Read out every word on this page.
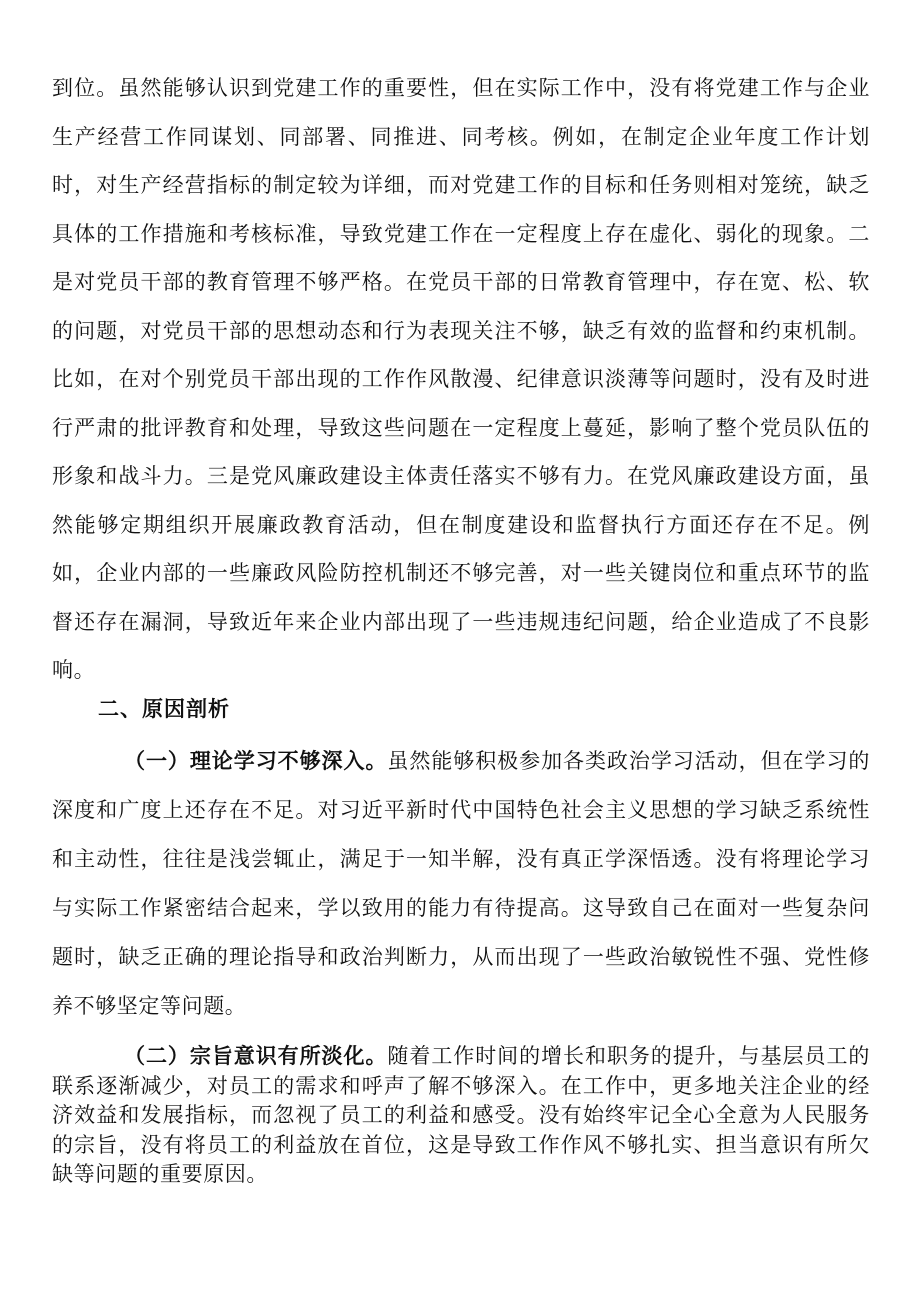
到位。虽然能够认识到党建工作的重要性，但在实际工作中，没有将党建工作与企业生产经营工作同谋划、同部署、同推进、同考核。例如，在制定企业年度工作计划时，对生产经营指标的制定较为详细，而对党建工作的目标和任务则相对笼统，缺乏具体的工作措施和考核标准，导致党建工作在一定程度上存在虚化、弱化的现象。二是对党员干部的教育管理不够严格。在党员干部的日常教育管理中，存在宽、松、软的问题，对党员干部的思想动态和行为表现关注不够，缺乏有效的监督和约束机制。比如，在对个别党员干部出现的工作作风散漫、纪律意识淡薄等问题时，没有及时进行严肃的批评教育和处理，导致这些问题在一定程度上蔓延，影响了整个党员队伍的形象和战斗力。三是党风廉政建设主体责任落实不够有力。在党风廉政建设方面，虽然能够定期组织开展廉政教育活动，但在制度建设和监督执行方面还存在不足。例如，企业内部的一些廉政风险防控机制还不够完善，对一些关键岗位和重点环节的监督还存在漏洞，导致近年来企业内部出现了一些违规违纪问题，给企业造成了不良影响。

二、原因剖析

（一）理论学习不够深入。虽然能够积极参加各类政治学习活动，但在学习的深度和广度上还存在不足。对习近平新时代中国特色社会主义思想的学习缺乏系统性和主动性，往往是浅尝辄止，满足于一知半解，没有真正学深悟透。没有将理论学习与实际工作紧密结合起来，学以致用的能力有待提高。这导致自己在面对一些复杂问题时，缺乏正确的理论指导和政治判断力，从而出现了一些政治敏锐性不强、党性修养不够坚定等问题。

（二）宗旨意识有所淡化。随着工作时间的增长和职务的提升，与基层员工的联系逐渐减少，对员工的需求和呼声了解不够深入。在工作中，更多地关注企业的经济效益和发展指标，而忽视了员工的利益和感受。没有始终牢记全心全意为人民服务的宗旨，没有将员工的利益放在首位，这是导致工作作风不够扎实、担当意识有所欠缺等问题的重要原因。
